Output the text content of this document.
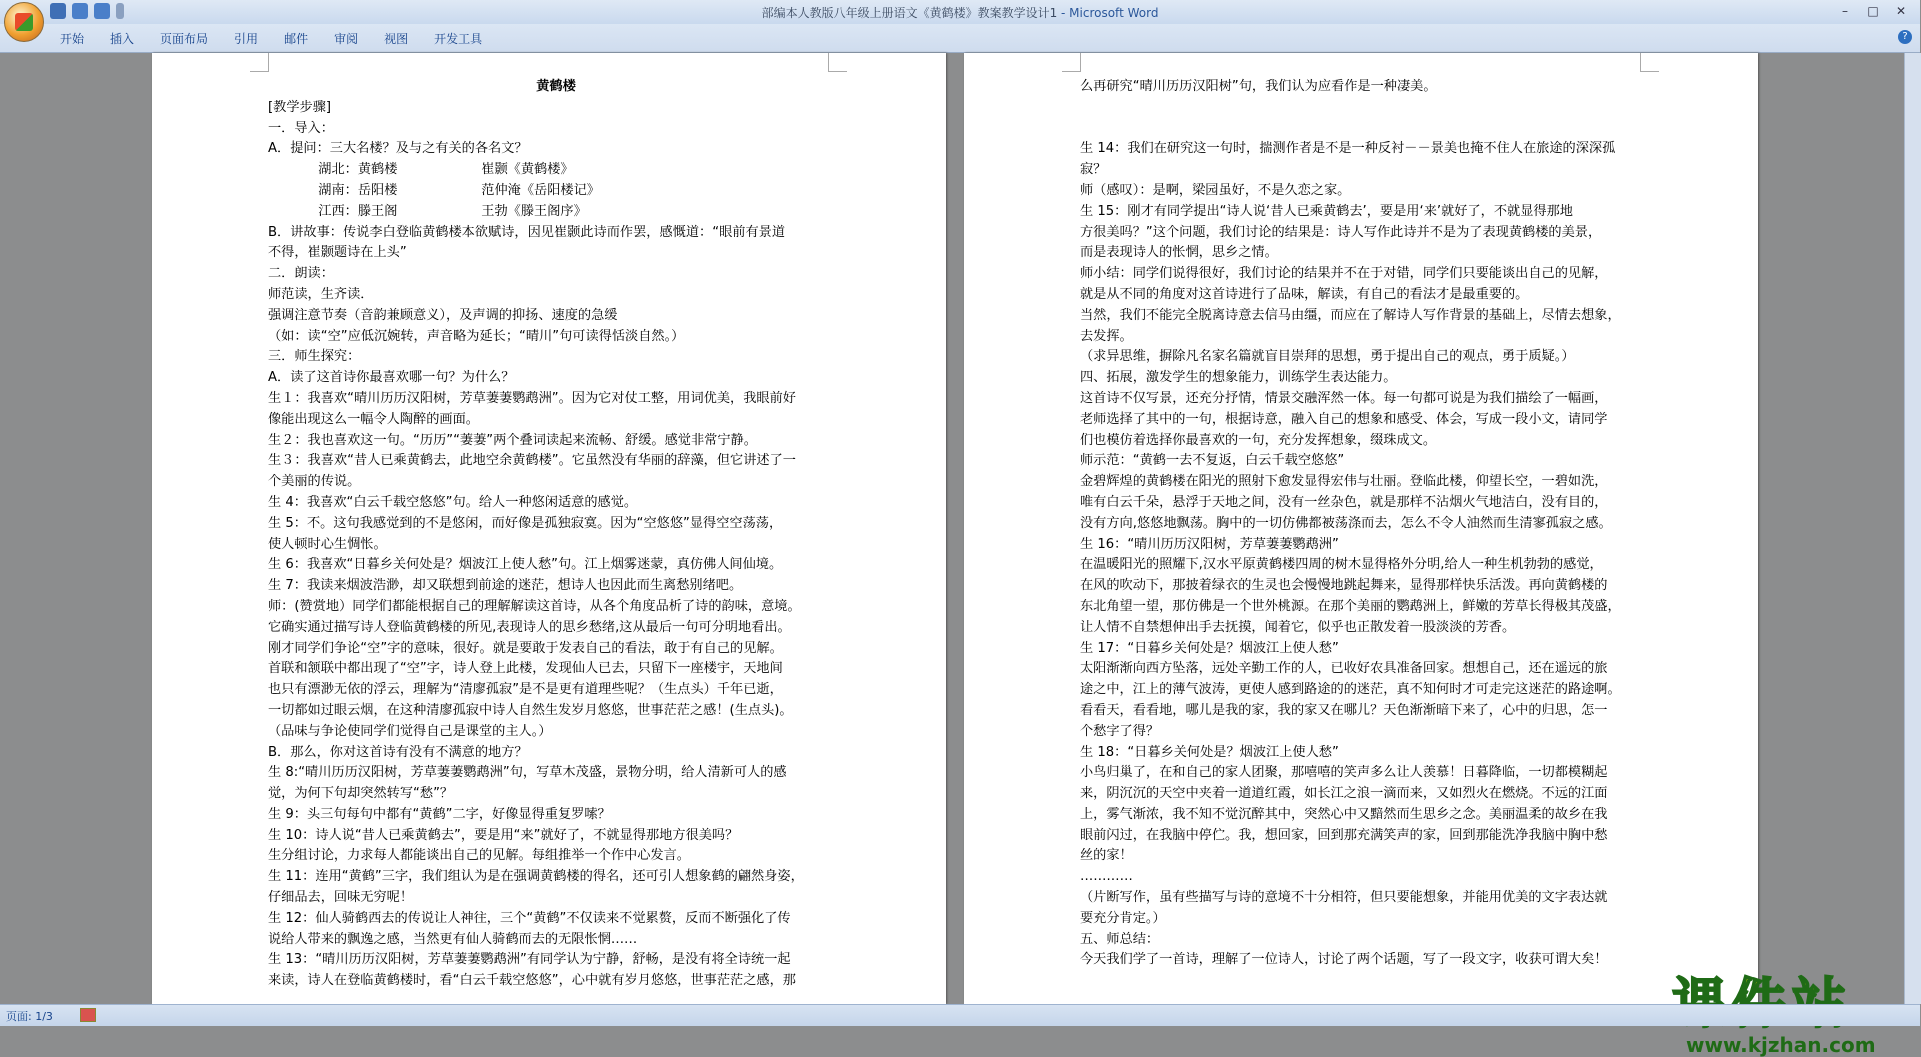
部编本人教版八年级上册语文《黄鹤楼》教案教学设计1 - Microsoft Word	–	□	✕
开始 插入 页面布局 引用 邮件 审阅 视图 开发工具	?
黄鹤楼
[教学步骤]
一．导入：
A．提问：三大名楼？及与之有关的各名文？
湖北：黄鹤楼                    崔颢《黄鹤楼》
湖南：岳阳楼                    范仲淹《岳阳楼记》
江西：滕王阁                    王勃《滕王阁序》
B．讲故事：传说李白登临黄鹤楼本欲赋诗，因见崔颢此诗而作罢，感慨道：“眼前有景道
不得，崔颢题诗在上头”
二．朗读：
师范读，生齐读．
强调注意节奏（音韵兼顾意义），及声调的抑扬、速度的急缓
（如：读“空”应低沉婉转，声音略为延长；“晴川”句可读得恬淡自然。）
三．师生探究：
A．读了这首诗你最喜欢哪一句？为什么？
生１：我喜欢“晴川历历汉阳树，芳草萋萋鹦鹉洲”。因为它对仗工整，用词优美，我眼前好
像能出现这么一幅令人陶醉的画面。
生２：我也喜欢这一句。“历历”“萋萋”两个叠词读起来流畅、舒缓。感觉非常宁静。
生３：我喜欢“昔人已乘黄鹤去，此地空余黄鹤楼”。它虽然没有华丽的辞藻，但它讲述了一
个美丽的传说。
生 4：我喜欢“白云千载空悠悠”句。给人一种悠闲适意的感觉。
生 5：不。这句我感觉到的不是悠闲，而好像是孤独寂寞。因为“空悠悠”显得空空荡荡，
使人顿时心生惆怅。
生 6：我喜欢“日暮乡关何处是？烟波江上使人愁”句。江上烟雾迷蒙，真仿佛人间仙境。
生 7：我读来烟波浩渺，却又联想到前途的迷茫，想诗人也因此而生离愁别绪吧。
师：(赞赏地）同学们都能根据自己的理解解读这首诗，从各个角度品析了诗的韵味，意境。
它确实通过描写诗人登临黄鹤楼的所见,表现诗人的思乡愁绪,这从最后一句可分明地看出。
刚才同学们争论“空”字的意味，很好。就是要敢于发表自己的看法，敢于有自己的见解。
首联和颔联中都出现了“空”字，诗人登上此楼，发现仙人已去，只留下一座楼宇，天地间
也只有漂渺无依的浮云，理解为“清廖孤寂”是不是更有道理些呢？（生点头）千年已逝，
一切都如过眼云烟，在这种清廖孤寂中诗人自然生发岁月悠悠，世事茫茫之感！(生点头)。
（品味与争论使同学们觉得自己是课堂的主人。）
B．那么，你对这首诗有没有不满意的地方？
生 8:“晴川历历汉阳树，芳草萋萋鹦鹉洲”句，写草木茂盛，景物分明，给人清新可人的感
觉，为何下句却突然转写“愁”？
生 9：头三句每句中都有“黄鹤”二字，好像显得重复罗嗦？
生 10：诗人说“昔人已乘黄鹤去”，要是用“来”就好了，不就显得那地方很美吗？
生分组讨论，力求每人都能谈出自己的见解。每组推举一个作中心发言。
生 11：连用“黄鹤”三字，我们组认为是在强调黄鹤楼的得名，还可引人想象鹤的翩然身姿，
仔细品去，回味无穷呢！
生 12：仙人骑鹤西去的传说让人神往，三个“黄鹤”不仅读来不觉累赘，反而不断强化了传
说给人带来的飘逸之感，当然更有仙人骑鹤而去的无限怅惘……
生 13：“晴川历历汉阳树，芳草萋萋鹦鹉洲”有同学认为宁静，舒畅，是没有将全诗统一起
来读，诗人在登临黄鹤楼时，看“白云千载空悠悠”，心中就有岁月悠悠，世事茫茫之感，那
么再研究“晴川历历汉阳树”句，我们认为应看作是一种凄美。
生 14：我们在研究这一句时，揣测作者是不是一种反衬－－景美也掩不住人在旅途的深深孤
寂？
师（感叹）：是啊，梁园虽好，不是久恋之家。
生 15：刚才有同学提出“诗人说‘昔人已乘黄鹤去’，要是用‘来’就好了，不就显得那地
方很美吗？”这个问题，我们讨论的结果是：诗人写作此诗并不是为了表现黄鹤楼的美景，
而是表现诗人的怅惘，思乡之情。
师小结：同学们说得很好，我们讨论的结果并不在于对错，同学们只要能谈出自己的见解，
就是从不同的角度对这首诗进行了品味，解读，有自己的看法才是最重要的。
当然，我们不能完全脱离诗意去信马由缰，而应在了解诗人写作背景的基础上，尽情去想象，
去发挥。
（求异思维，摒除凡名家名篇就盲目崇拜的思想，勇于提出自己的观点，勇于质疑。）
四、拓展，激发学生的想象能力，训练学生表达能力。
这首诗不仅写景，还充分抒情，情景交融浑然一体。每一句都可说是为我们描绘了一幅画，
老师选择了其中的一句，根据诗意，融入自己的想象和感受、体会，写成一段小文，请同学
们也模仿着选择你最喜欢的一句，充分发挥想象，缀珠成文。
师示范：“黄鹤一去不复返，白云千载空悠悠”
金碧辉煌的黄鹤楼在阳光的照射下愈发显得宏伟与壮丽。登临此楼，仰望长空，一碧如洗，
唯有白云千朵，悬浮于天地之间，没有一丝杂色，就是那样不沾烟火气地洁白，没有目的，
没有方向,悠悠地飘荡。胸中的一切仿佛都被荡涤而去，怎么不令人油然而生清寥孤寂之感。
生 16：“晴川历历汉阳树，芳草萋萋鹦鹉洲”
在温暖阳光的照耀下,汉水平原黄鹤楼四周的树木显得格外分明,给人一种生机勃勃的感觉，
在风的吹动下，那披着绿衣的生灵也会慢慢地跳起舞来，显得那样快乐活泼。再向黄鹤楼的
东北角望一望，那仿佛是一个世外桃源。在那个美丽的鹦鹉洲上，鲜嫩的芳草长得极其茂盛，
让人情不自禁想伸出手去抚摸，闻着它，似乎也正散发着一股淡淡的芳香。
生 17：“日暮乡关何处是？烟波江上使人愁”
太阳渐渐向西方坠落，远处辛勤工作的人，已收好农具准备回家。想想自己，还在遥远的旅
途之中，江上的薄气波涛，更使人感到路途的的迷茫，真不知何时才可走完这迷茫的路途啊。
看看天，看看地，哪儿是我的家，我的家又在哪儿？天色渐渐暗下来了，心中的归思，怎一
个愁字了得？
生 18：“日暮乡关何处是？烟波江上使人愁”
小鸟归巢了，在和自己的家人团聚，那嘻嘻的笑声多么让人羡慕！日暮降临，一切都模糊起
来，阴沉沉的天空中夹着一道道红霞，如长江之浪一滴而来，又如烈火在燃烧。不远的江面
上，雾气渐浓，我不知不觉沉醉其中，突然心中又黯然而生思乡之念。美丽温柔的故乡在我
眼前闪过，在我脑中停伫。我，想回家，回到那充满笑声的家，回到那能洗净我脑中胸中愁
丝的家！
…………
（片断写作，虽有些描写与诗的意境不十分相符，但只要能想象，并能用优美的文字表达就
要充分肯定。）
五、师总结：
今天我们学了一首诗，理解了一位诗人，讨论了两个话题，写了一段文字，收获可谓大矣！
www.kjzhan.com
页面: 1/3
